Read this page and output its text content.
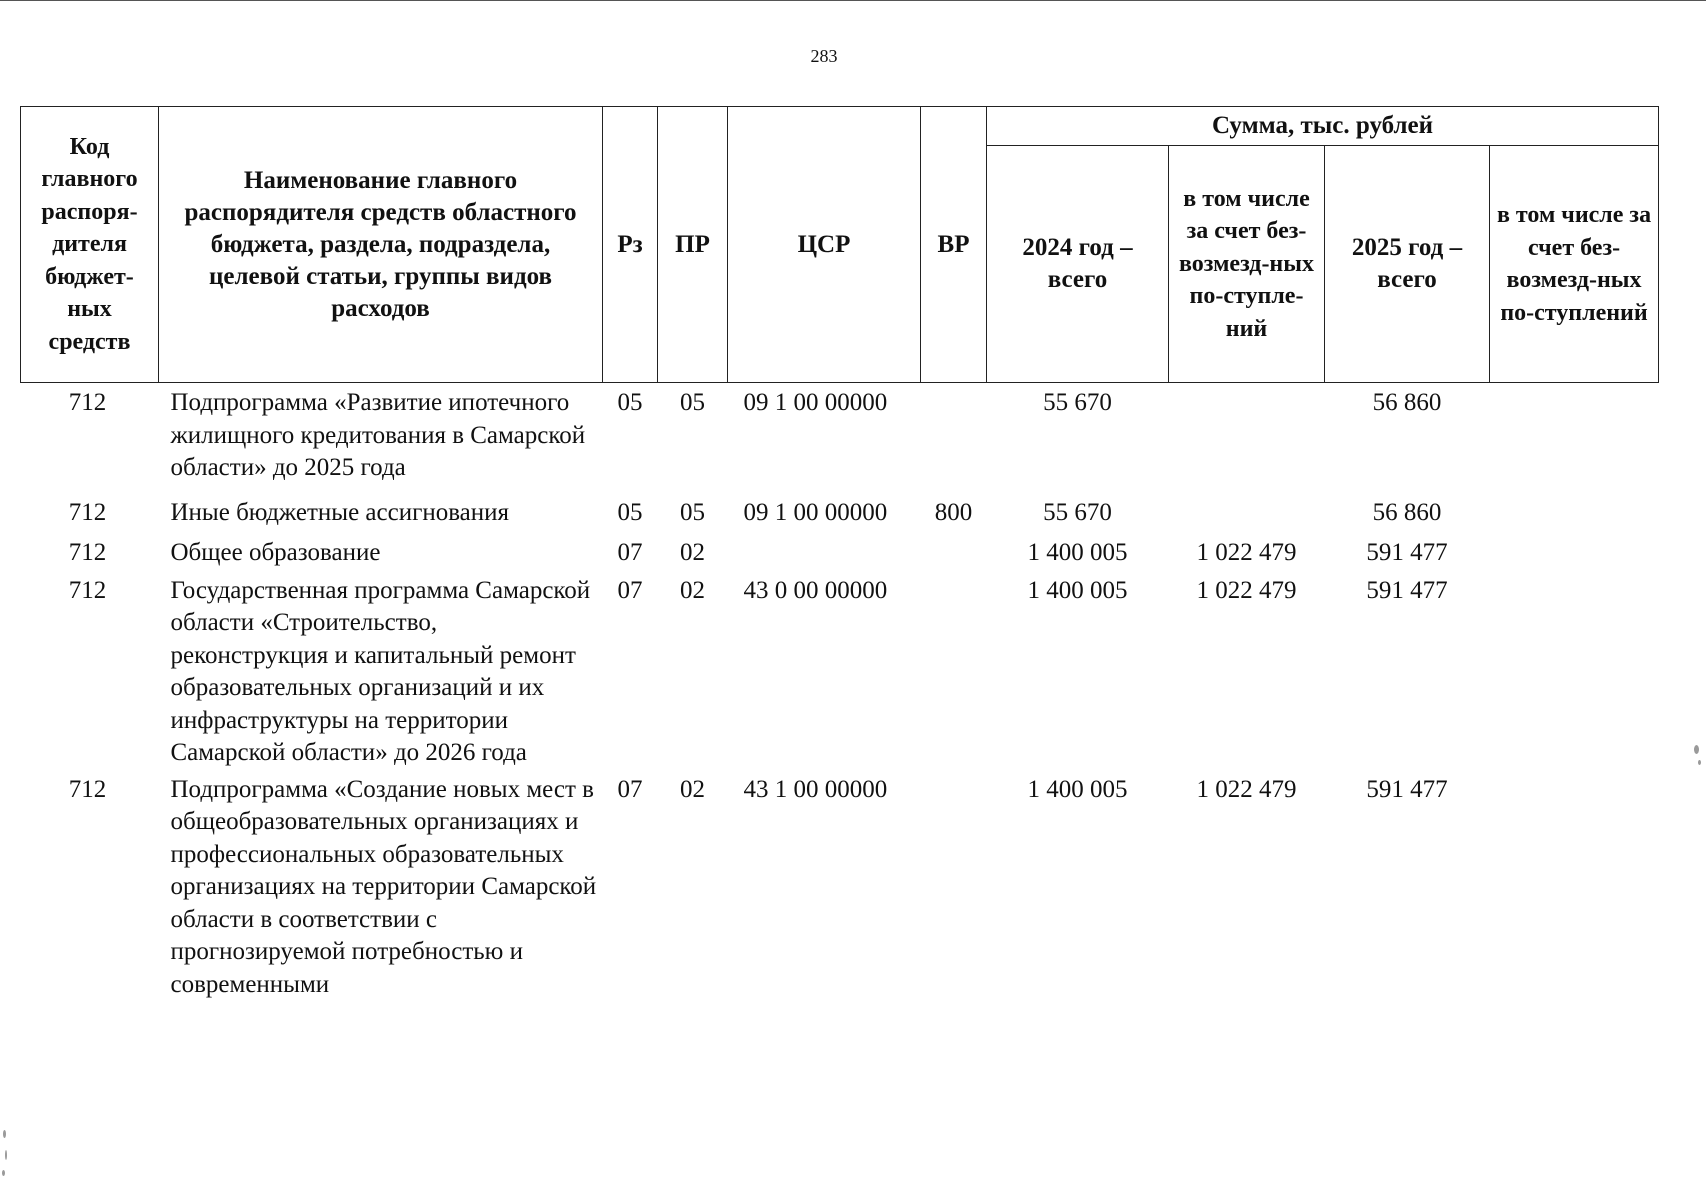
283
Код главного распоря-дителя бюджет-ных средств	Наименование главного распорядителя средств областного бюджета, раздела, подраздела, целевой статьи, группы видов расходов	Рз	ПР	ЦСР	ВР	Сумма, тыс. рублей			
						2024 год – всего	в том числе за счет без-возмезд-ных по-ступле-ний	2025 год – всего	в том числе за счет без-возмезд-ных по-ступлений
712	Подпрограмма «Развитие ипотечного жилищного кредитования в Самарской области» до 2025 года	05	05	09 1 00 00000		55 670		56 860	
712	Иные бюджетные ассигнования	05	05	09 1 00 00000	800	55 670		56 860	
712	Общее образование	07	02			1 400 005	1 022 479	591 477	
712	Государственная программа Самарской области «Строительство, реконструкция и капитальный ремонт образовательных организаций и их инфраструктуры на территории Самарской области» до 2026 года	07	02	43 0 00 00000		1 400 005	1 022 479	591 477	
712	Подпрограмма «Создание новых мест в общеобразовательных организациях и профессиональных образовательных организациях на территории Самарской области в соответствии с прогнозируемой потребностью и современными	07	02	43 1 00 00000		1 400 005	1 022 479	591 477	
